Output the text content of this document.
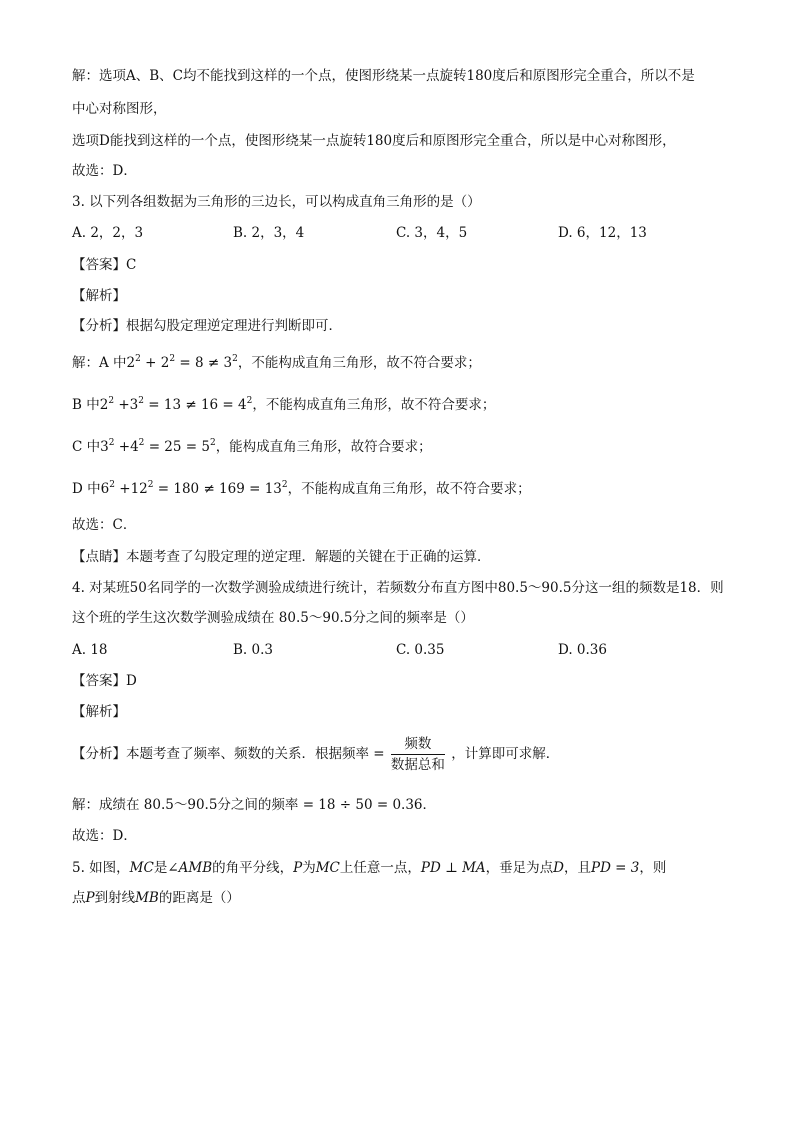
解：选项A、B、C均不能找到这样的一个点，使图形绕某一点旋转180度后和原图形完全重合，所以不是
中心对称图形，
选项D能找到这样的一个点，使图形绕某一点旋转180度后和原图形完全重合，所以是中心对称图形，
故选：D．
3. 以下列各组数据为三角形的三边长，可以构成直角三角形的是（）
A. 2，2，3	B. 2，3，4	C. 3，4，5	D. 6，12，13
【答案】C
【解析】
【分析】根据勾股定理逆定理进行判断即可．
解：A 中$2^2 + 2^2 = 8 \ne 3^2$，不能构成直角三角形，故不符合要求；
B 中$2^2 +3^2 = 13 \ne 16 = 4^2$，不能构成直角三角形，故不符合要求；
C 中$3^2 +4^2 = 25 = 5^2$，能构成直角三角形，故符合要求；
D 中$6^2 +12^2 = 180 \ne 169 = 13^2$，不能构成直角三角形，故不符合要求；
故选：C．
【点睛】本题考查了勾股定理的逆定理．解题的关键在于正确的运算．
4. 对某班50名同学的一次数学测验成绩进行统计，若频数分布直方图中80.5～90.5分这一组的频数是18．则
这个班的学生这次数学测验成绩在 80.5～90.5分之间的频率是（）
A. 18	B. 0.3	C. 0.35	D. 0.36
【答案】D
【解析】
【分析】本题考查了频率、频数的关系．根据频率 = $\frac{\text{频数}}{\text{数据总和}}$ ，计算即可求解．
解：成绩在 80.5～90.5分之间的频率 = 18 ÷ 50 = 0.36．
故选：D．
5. 如图，MC是∠AMB的角平分线，P为MC上任意一点，PD ⊥ MA，垂足为点D，且PD = 3，则
点P到射线MB的距离是（）
